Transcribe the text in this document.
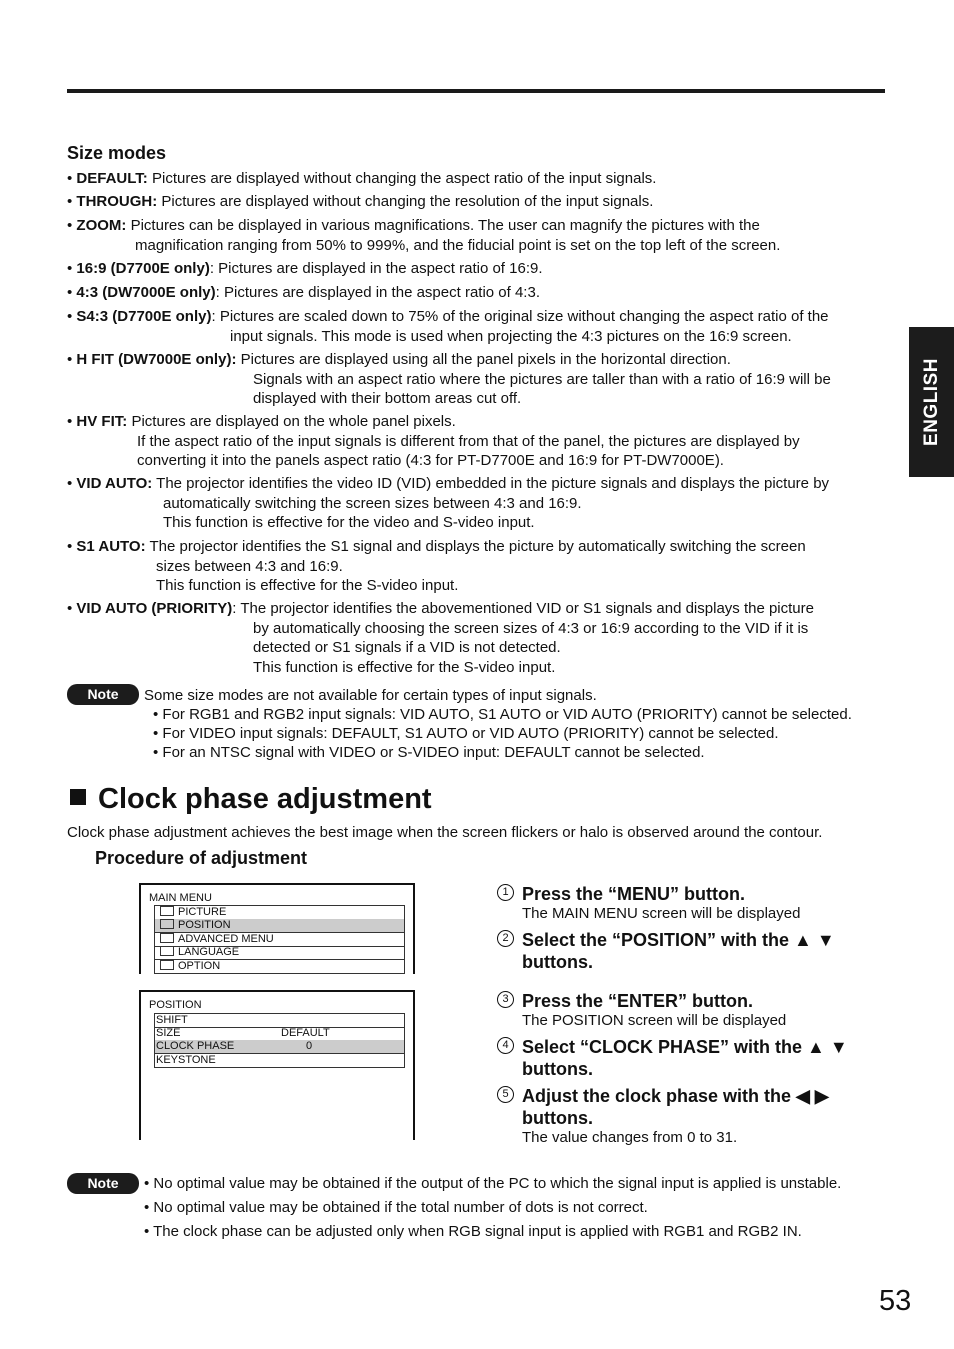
ENGLISH
Size modes
• DEFAULT: Pictures are displayed without changing the aspect ratio of the input signals.
• THROUGH: Pictures are displayed without changing the resolution of the input signals.
• ZOOM: Pictures can be displayed in various magnifications. The user can magnify the pictures with the
magnification ranging from 50% to 999%, and the fiducial point is set on the top left of the screen.
• 16:9 (D7700E only): Pictures are displayed in the aspect ratio of 16:9.
• 4:3 (DW7000E only): Pictures are displayed in the aspect ratio of 4:3.
• S4:3 (D7700E only): Pictures are scaled down to 75% of the original size without changing the aspect ratio of the
input signals. This mode is used when projecting the 4:3 pictures on the 16:9 screen.
• H FIT (DW7000E only): Pictures are displayed using all the panel pixels in the horizontal direction.
Signals with an aspect ratio where the pictures are taller than with a ratio of 16:9 will be
displayed with their bottom areas cut off.
• HV FIT: Pictures are displayed on the whole panel pixels.
If the aspect ratio of the input signals is different from that of the panel, the pictures are displayed by
converting it into the panels aspect ratio (4:3 for PT-D7700E and 16:9 for PT-DW7000E).
• VID AUTO: The projector identifies the video ID (VID) embedded in the picture signals and displays the picture by
automatically switching the screen sizes between 4:3 and 16:9.
This function is effective for the video and S-video input.
• S1 AUTO: The projector identifies the S1 signal and displays the picture by automatically switching the screen
sizes between 4:3 and 16:9.
This function is effective for the S-video input.
• VID AUTO (PRIORITY): The projector identifies the abovementioned VID or S1 signals and displays the picture
by automatically choosing the screen sizes of 4:3 or 16:9 according to the VID if it is
detected or S1 signals if a VID is not detected.
This function is effective for the S-video input.
Note	Some size modes are not available for certain types of input signals.
• For RGB1 and RGB2 input signals: VID AUTO, S1 AUTO or VID AUTO (PRIORITY) cannot be selected.
• For VIDEO input signals: DEFAULT, S1 AUTO or VID AUTO (PRIORITY) cannot be selected.
• For an NTSC signal with VIDEO or S-VIDEO input: DEFAULT cannot be selected.
Clock phase adjustment
Clock phase adjustment achieves the best image when the screen flickers or halo is observed around the contour.
Procedure of adjustment
MAIN MENU
PICTURE
POSITION
ADVANCED MENU
LANGUAGE
OPTION
POSITION
SHIFT
SIZE	DEFAULT
CLOCK PHASE	0
KEYSTONE
1 Press the “MENU” button.
The MAIN MENU screen will be displayed
2 Select the “POSITION” with the ▲ ▼
buttons.
3 Press the “ENTER” button.
The POSITION screen will be displayed
4 Select “CLOCK PHASE” with the ▲ ▼
buttons.
5 Adjust the clock phase with the ◀ ▶
buttons.
The value changes from 0 to 31.
Note	• No optimal value may be obtained if the output of the PC to which the signal input is applied is unstable.
• No optimal value may be obtained if the total number of dots is not correct.
• The clock phase can be adjusted only when RGB signal input is applied with RGB1 and RGB2 IN.
53
